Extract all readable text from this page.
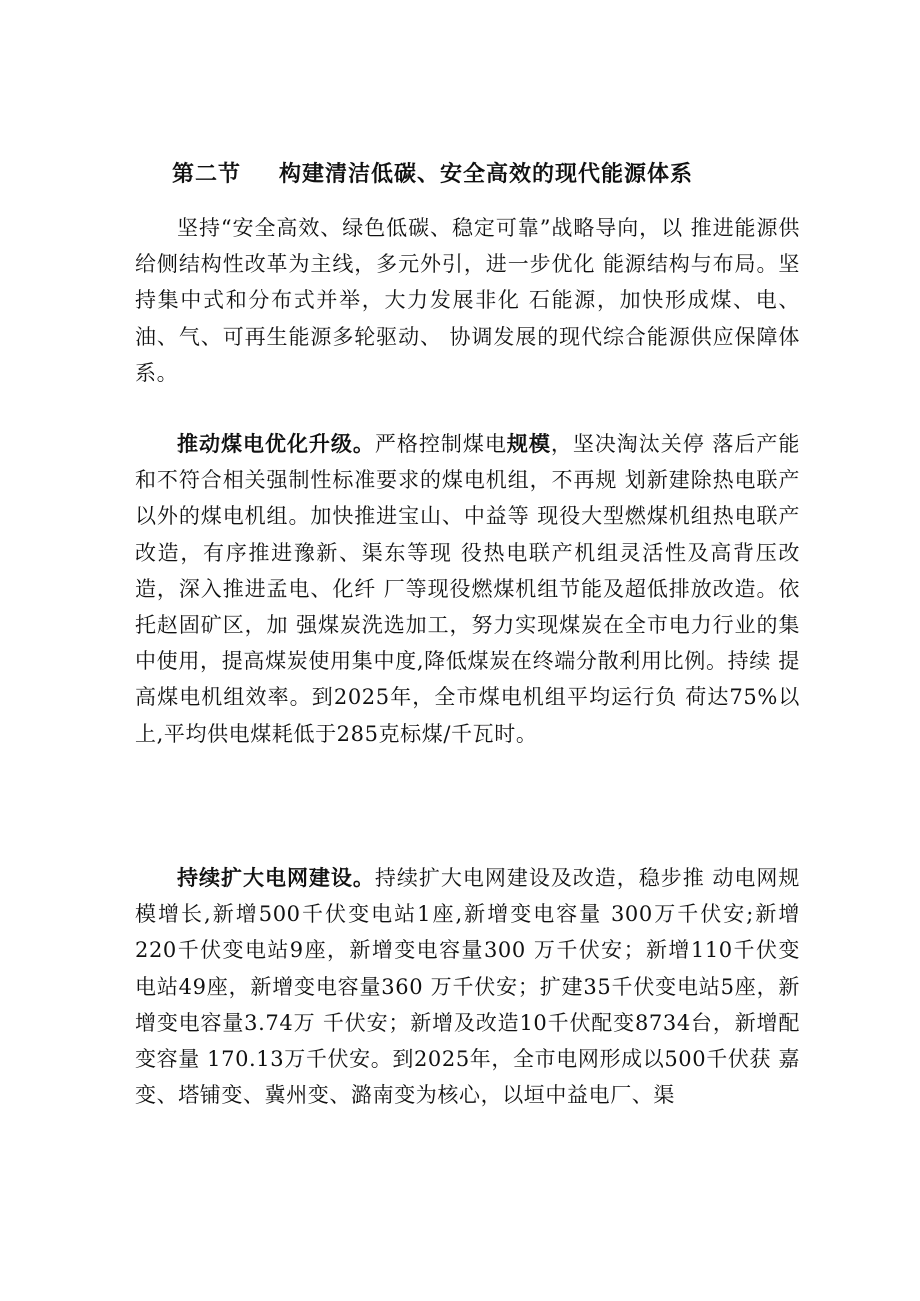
第二节 构建清洁低碳、安全高效的现代能源体系

坚持“安全高效、绿色低碳、稳定可靠”战略导向，以 推进能源供给侧结构性改革为主线，多元外引，进一步优化 能源结构与布局。坚持集中式和分布式并举，大力发展非化 石能源，加快形成煤、电、油、气、可再生能源多轮驱动、 协调发展的现代综合能源供应保障体系。

推动煤电优化升级。严格控制煤电规模，坚决淘汰关停 落后产能和不符合相关强制性标准要求的煤电机组，不再规 划新建除热电联产以外的煤电机组。加快推进宝山、中益等 现役大型燃煤机组热电联产改造，有序推进豫新、渠东等现 役热电联产机组灵活性及高背压改造，深入推进孟电、化纤 厂等现役燃煤机组节能及超低排放改造。依托赵固矿区，加 强煤炭洗选加工，努力实现煤炭在全市电力行业的集中使用，提高煤炭使用集中度,降低煤炭在终端分散利用比例。持续 提高煤电机组效率。到2025年，全市煤电机组平均运行负 荷达75%以上,平均供电煤耗低于285克标煤/千瓦时。

持续扩大电网建设。持续扩大电网建设及改造，稳步推 动电网规模增长,新增500千伏变电站1座,新增变电容量 300万千伏安;新增220千伏变电站9座，新增变电容量300 万千伏安；新增110千伏变电站49座，新增变电容量360 万千伏安；扩建35千伏变电站5座，新增变电容量3.74万 千伏安；新增及改造10千伏配变8734台，新增配变容量 170.13万千伏安。到2025年，全市电网形成以500千伏获 嘉变、塔铺变、冀州变、潞南变为核心，以垣中益电厂、渠
